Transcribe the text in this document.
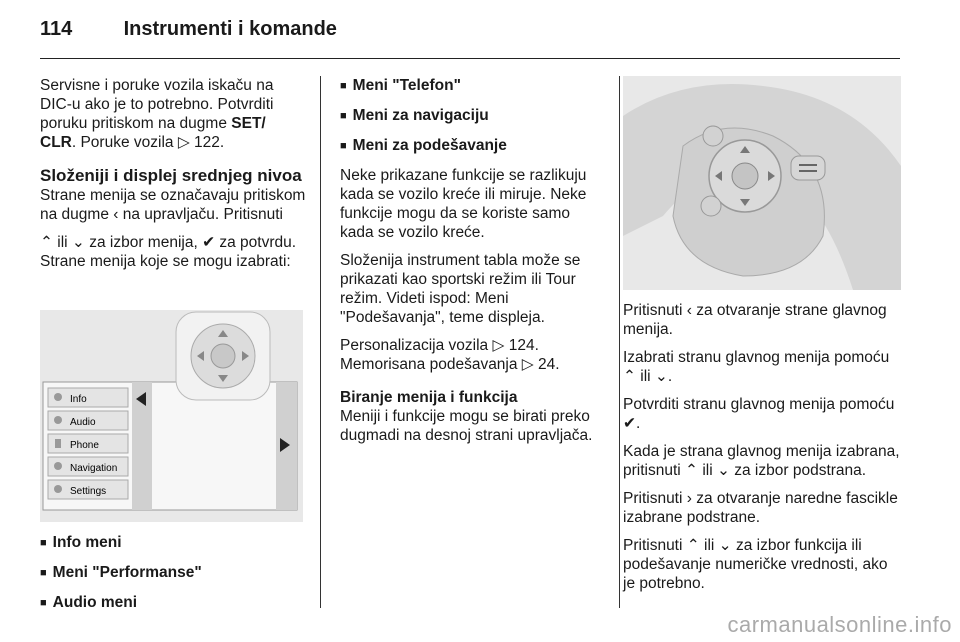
114	Instrumenti i komande

Servisne i poruke vozila iskaču na DIC-u ako je to potrebno. Potvrditi poruku pritiskom na dugme SET/ CLR. Poruke vozila ▷ 122.

Složeniji i displej srednjeg nivoa

Strane menija se označavaju pritiskom na dugme ‹ na upravljaču. Pritisnuti

⌃ ili ⌄ za izbor menija, ✔ za potvrdu. Strane menija koje se mogu izabrati:

Info
Audio
Phone
Navigation
Settings

■ Info meni

■ Meni "Performanse"

■ Audio meni

■ Meni "Telefon"

■ Meni za navigaciju

■ Meni za podešavanje

Neke prikazane funkcije se razlikuju kada se vozilo kreće ili miruje. Neke funkcije mogu da se koriste samo kada se vozilo kreće.

Složenija instrument tabla može se prikazati kao sportski režim ili Tour režim. Videti ispod: Meni "Podešavanja", teme displeja.

Personalizacija vozila ▷ 124. Memorisana podešavanja ▷ 24.

Biranje menija i funkcija

Meniji i funkcije mogu se birati preko dugmadi na desnoj strani upravljača.

Pritisnuti ‹ za otvaranje strane glavnog menija.

Izabrati stranu glavnog menija pomoću ⌃ ili ⌄.

Potvrditi stranu glavnog menija pomoću ✔.

Kada je strana glavnog menija izabrana, pritisnuti ⌃ ili ⌄ za izbor podstrana.

Pritisnuti › za otvaranje naredne fascikle izabrane podstrane.

Pritisnuti ⌃ ili ⌄ za izbor funkcija ili podešavanje numeričke vrednosti, ako je potrebno.

carmanualsonline.info
